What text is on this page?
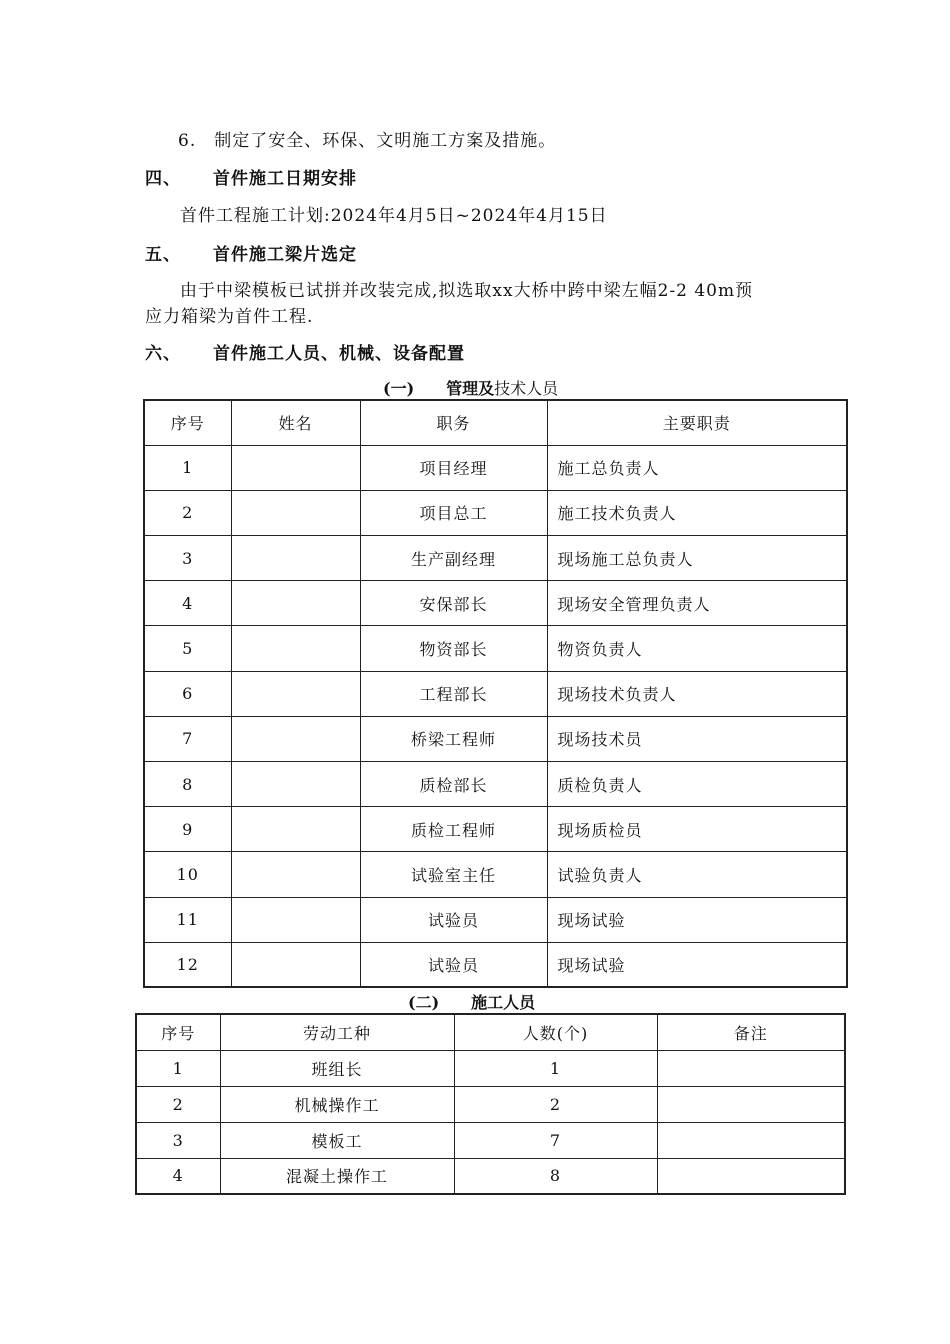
6.　制定了安全、环保、文明施工方案及措施。
四、 首件施工日期安排
首件工程施工计划:2024年4月5日~2024年4月15日
五、 首件施工梁片选定
由于中梁模板已试拼并改装完成,拟选取xx大桥中跨中梁左幅2-2 40m预
应力箱梁为首件工程.
六、 首件施工人员、机械、设备配置
(一) 管理及技术人员
序号	姓名	职务	主要职责
1		项目经理	施工总负责人
2		项目总工	施工技术负责人
3		生产副经理	现场施工总负责人
4		安保部长	现场安全管理负责人
5		物资部长	物资负责人
6		工程部长	现场技术负责人
7		桥梁工程师	现场技术员
8		质检部长	质检负责人
9		质检工程师	现场质检员
10		试验室主任	试验负责人
11		试验员	现场试验
12		试验员	现场试验
(二) 施工人员
序号	劳动工种	人数(个)	备注
1	班组长	1	
2	机械操作工	2	
3	模板工	7	
4	混凝土操作工	8	
